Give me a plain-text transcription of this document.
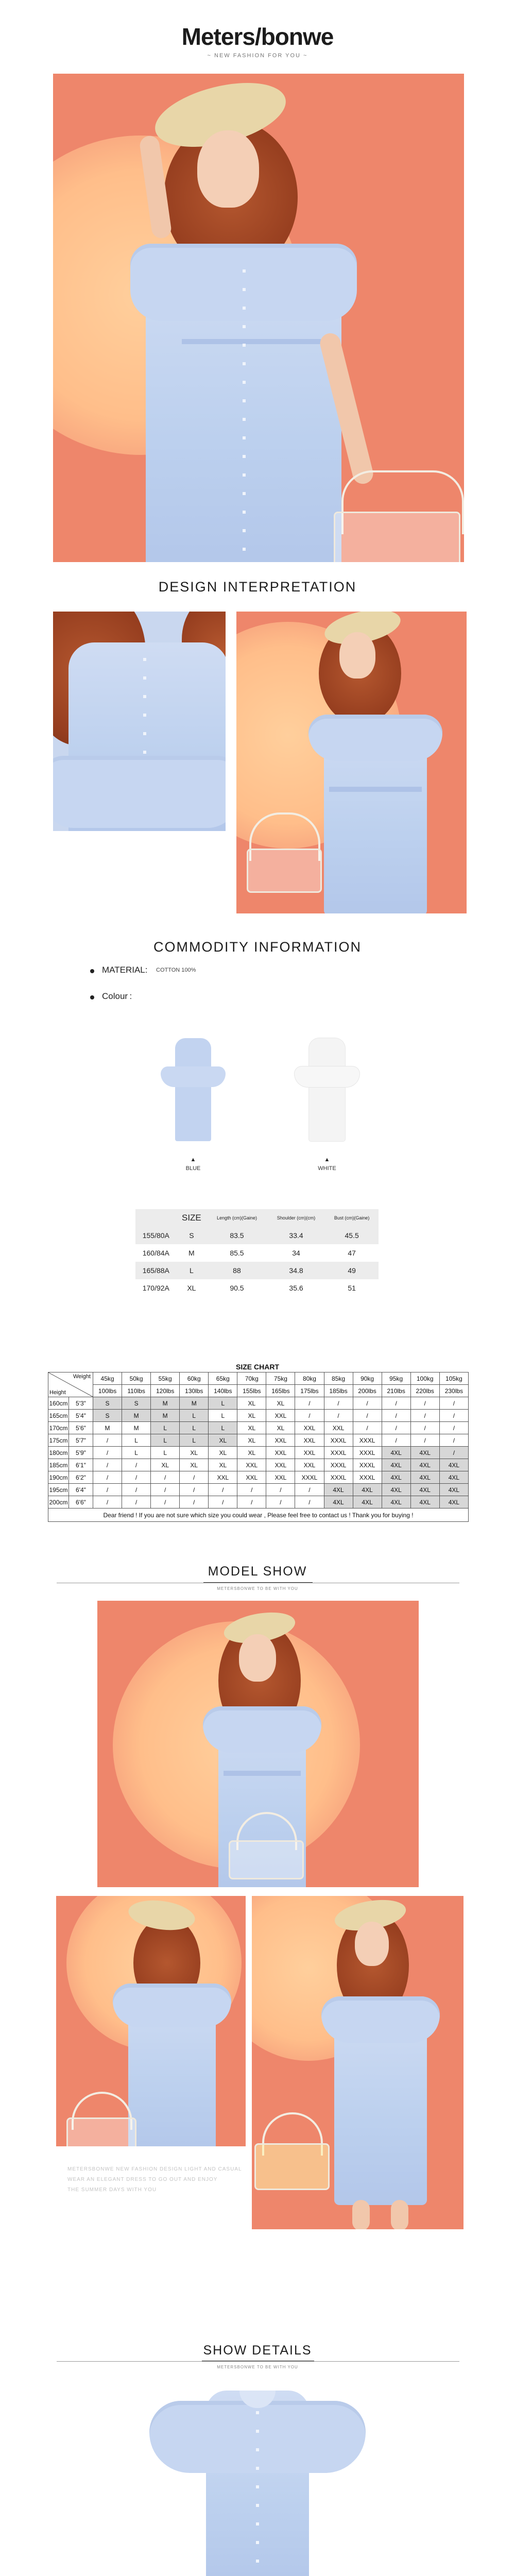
Meters/bonwe
~ NEW FASHION FOR YOU ~
DESIGN INTERPRETATION
COMMODITY INFORMATION
MATERIAL: COTTON 100%
Colour :
▲
BLUE
▲
WHITE
	SIZE	Length (cm)(Gaine)	Shoulder (cm)(cm)	Bust (cm)(Gaine)
155/80A	S	83.5	33.4	45.5
160/84A	M	85.5	34	47
165/88A	L	88	34.8	49
170/92A	XL	90.5	35.6	51
SIZE CHART
Weight
Height		45kg	50kg	55kg	60kg	65kg	70kg	75kg	80kg	85kg	90kg	95kg	100kg	105kg
		100lbs	110lbs	120lbs	130lbs	140lbs	155lbs	165lbs	175lbs	185lbs	200lbs	210lbs	220lbs	230lbs
160cm	5'3"	S	S	M	M	L	XL	XL	/	/	/	/	/	/
165cm	5'4"	S	M	M	L	L	XL	XXL	/	/	/	/	/	/
170cm	5'6"	M	M	L	L	L	XL	XL	XXL	XXL	/	/	/	/
175cm	5'7"	/	L	L	L	XL	XL	XXL	XXL	XXXL	XXXL	/	/	/
180cm	5'9"	/	L	L	XL	XL	XL	XXL	XXL	XXXL	XXXL	4XL	4XL	/
185cm	6'1"	/	/	XL	XL	XL	XXL	XXL	XXL	XXXL	XXXL	4XL	4XL	4XL
190cm	6'2"	/	/	/	/	XXL	XXL	XXL	XXXL	XXXL	XXXL	4XL	4XL	4XL
195cm	6'4"	/	/	/	/	/	/	/	/	4XL	4XL	4XL	4XL	4XL
200cm	6'6"	/	/	/	/	/	/	/	/	4XL	4XL	4XL	4XL	4XL
Dear friend ! If you are not sure which size you could wear , Please feel free to contact us ! Thank you for buying !														
MODEL SHOW
METERSBONWE TO BE WITH YOU
METERSBONWE NEW FASHION DESIGN LIGHT AND CASUAL
WEAR AN ELEGANT DRESS TO GO OUT AND ENJOY
THE SUMMER DAYS WITH YOU
SHOW DETAILS
METERSBONWE TO BE WITH YOU
